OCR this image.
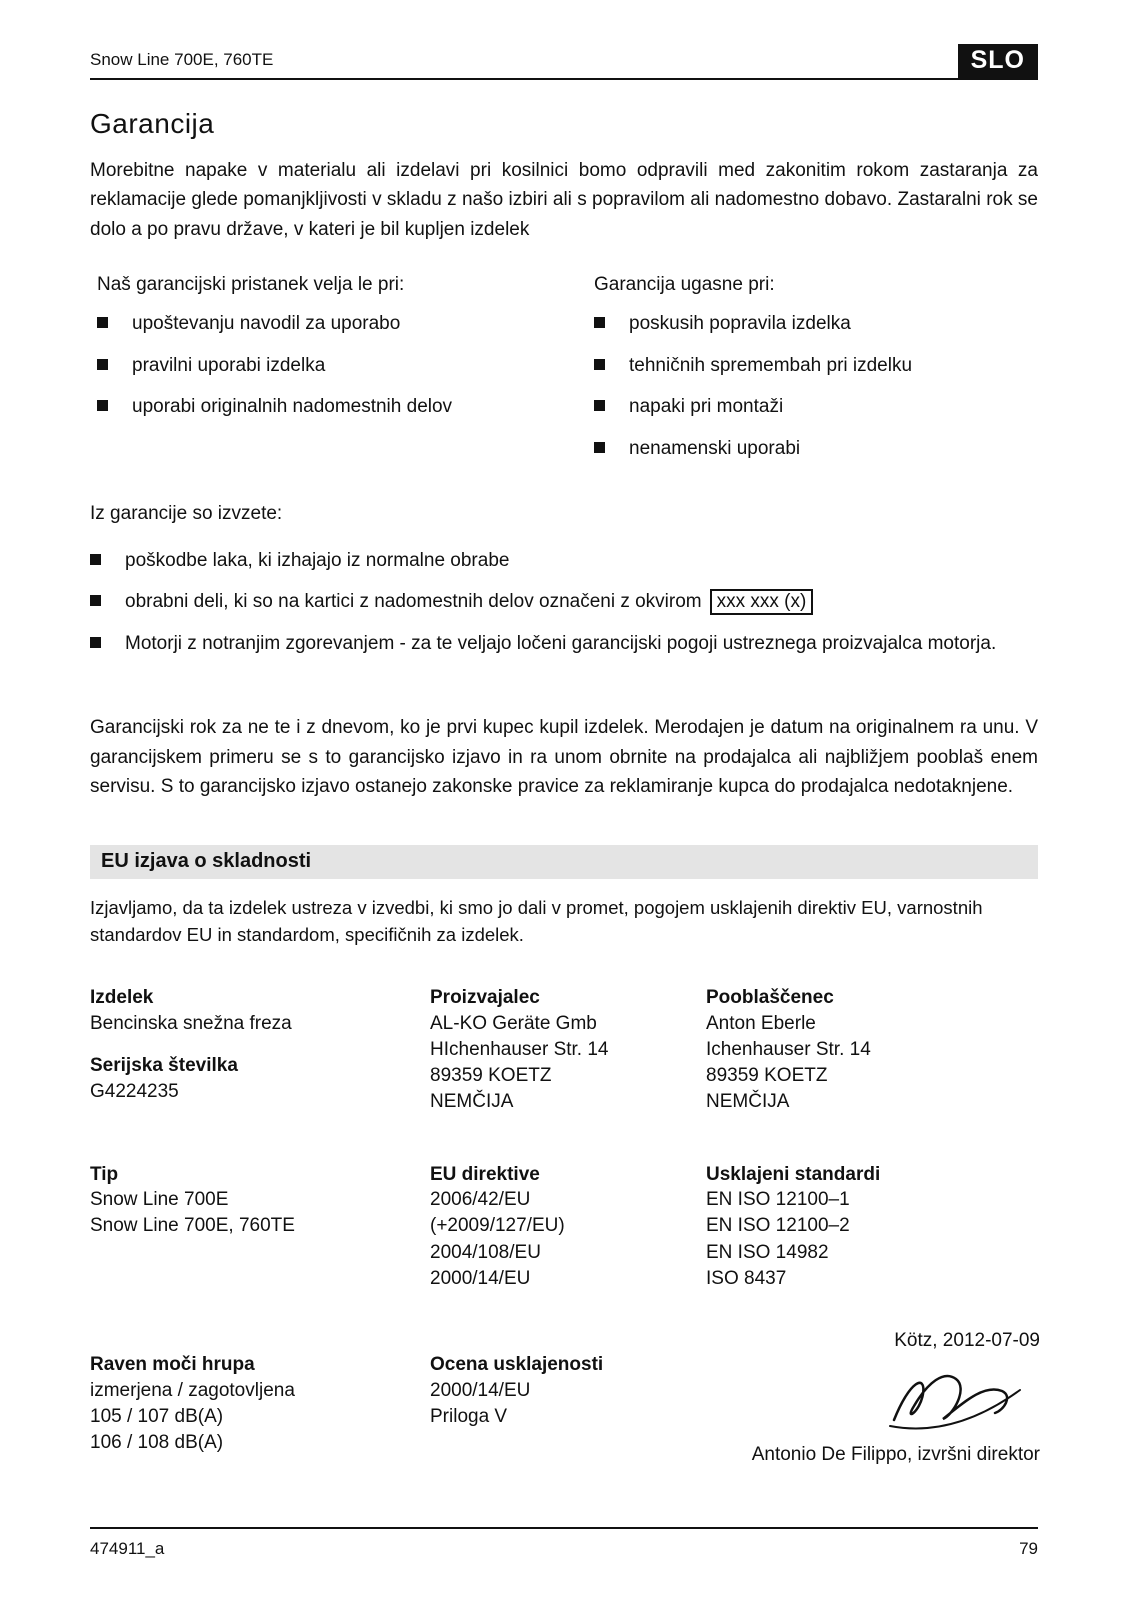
Snow Line 700E, 760TE	SLO
Garancija

Morebitne napake v materialu ali izdelavi pri kosilnici bomo odpravili med zakonitim rokom zastaranja za reklamacije glede pomanjkljivosti v skladu z našo izbiri ali s popravilom ali nadomestno dobavo. Zastaralni rok se dolo a po pravu države, v kateri je bil kupljen izdelek

Naš garancijski pristanek velja le pri:
upoštevanju navodil za uporabo
pravilni uporabi izdelka
uporabi originalnih nadomestnih delov
Garancija ugasne pri:
poskusih popravila izdelka
tehničnih spremembah pri izdelku
napaki pri montaži
nenamenski uporabi
Iz garancije so izvzete:
poškodbe laka, ki izhajajo iz normalne obrabe
obrabni deli, ki so na kartici z nadomestnih delov označeni z okvirom xxx xxx (x)
Motorji z notranjim zgorevanjem - za te veljajo ločeni garancijski pogoji ustreznega proizvajalca motorja.

Garancijski rok za ne te i z dnevom, ko je prvi kupec kupil izdelek. Merodajen je datum na originalnem ra unu. V garancijskem primeru se s to garancijsko izjavo in ra unom obrnite na prodajalca ali najbližjem pooblaš enem servisu. S to garancijsko izjavo ostanejo zakonske pravice za reklamiranje kupca do prodajalca nedotaknjene.

EU izjava o skladnosti

Izjavljamo, da ta izdelek ustreza v izvedbi, ki smo jo dali v promet, pogojem usklajenih direktiv EU, varnostnih standardov EU in standardom, specifičnih za izdelek.

Izdelek
Bencinska snežna freza
Serijska številka
G4224235
Proizvajalec
AL-KO Geräte Gmb
HIchenhauser Str. 14
89359 KOETZ
NEMČIJA
Pooblaščenec
Anton Eberle
Ichenhauser Str. 14
89359 KOETZ
NEMČIJA
Tip
Snow Line 700E
Snow Line 700E, 760TE
EU direktive
2006/42/EU
(+2009/127/EU)
2004/108/EU
2000/14/EU
Usklajeni standardi
EN ISO 12100–1
EN ISO 12100–2
EN ISO 14982
ISO 8437
Raven moči hrupa
izmerjena / zagotovljena
105 / 107 dB(A)
106 / 108 dB(A)
Ocena usklajenosti
2000/14/EU
Priloga V
Kötz, 2012-07-09
Antonio De Filippo, izvršni direktor
474911_a	79
